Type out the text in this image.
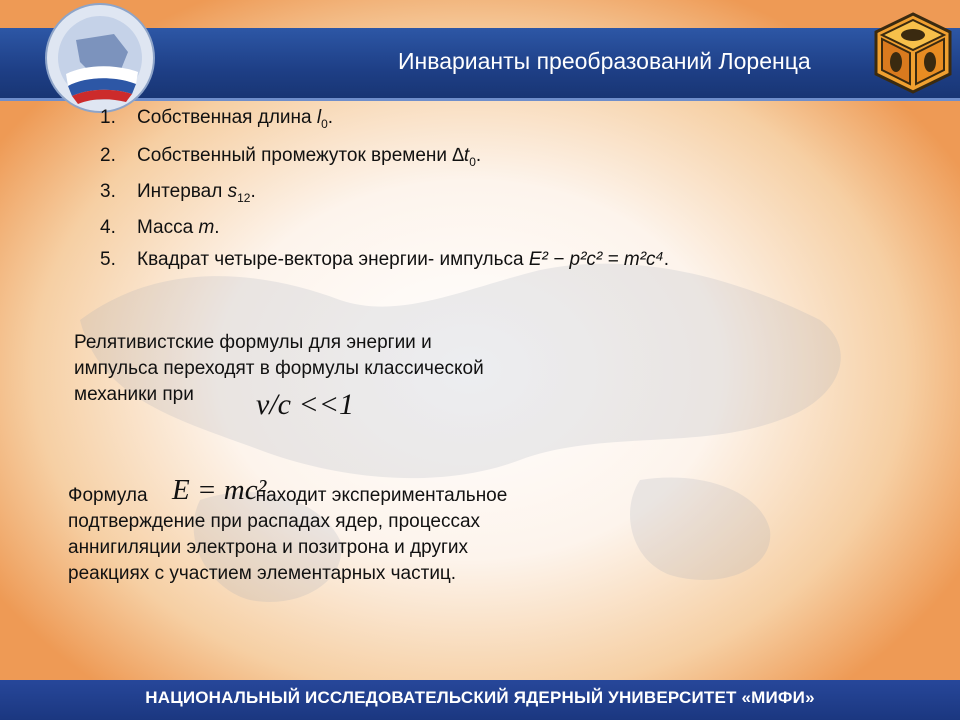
Инварианты преобразований Лоренца
1. Собственная длина $l_0$.
2. Собственный промежуток времени $\Delta t_0$.
3. Интервал $s_{12}$.
4. Масса m.
5. Квадрат четыре-вектора энергии- импульса E² − p²c² = m²c⁴.
Релятивистские формулы для энергии и
импульса переходят в формулы классической
механики при	v/c <<1
Формула	находит экспериментальное
подтверждение при распадах ядер, процессах
аннигиляции электрона и позитрона и других
реакциях с участием элементарных частиц.
E = mc²
НАЦИОНАЛЬНЫЙ ИССЛЕДОВАТЕЛЬСКИЙ ЯДЕРНЫЙ УНИВЕРСИТЕТ «МИФИ»
